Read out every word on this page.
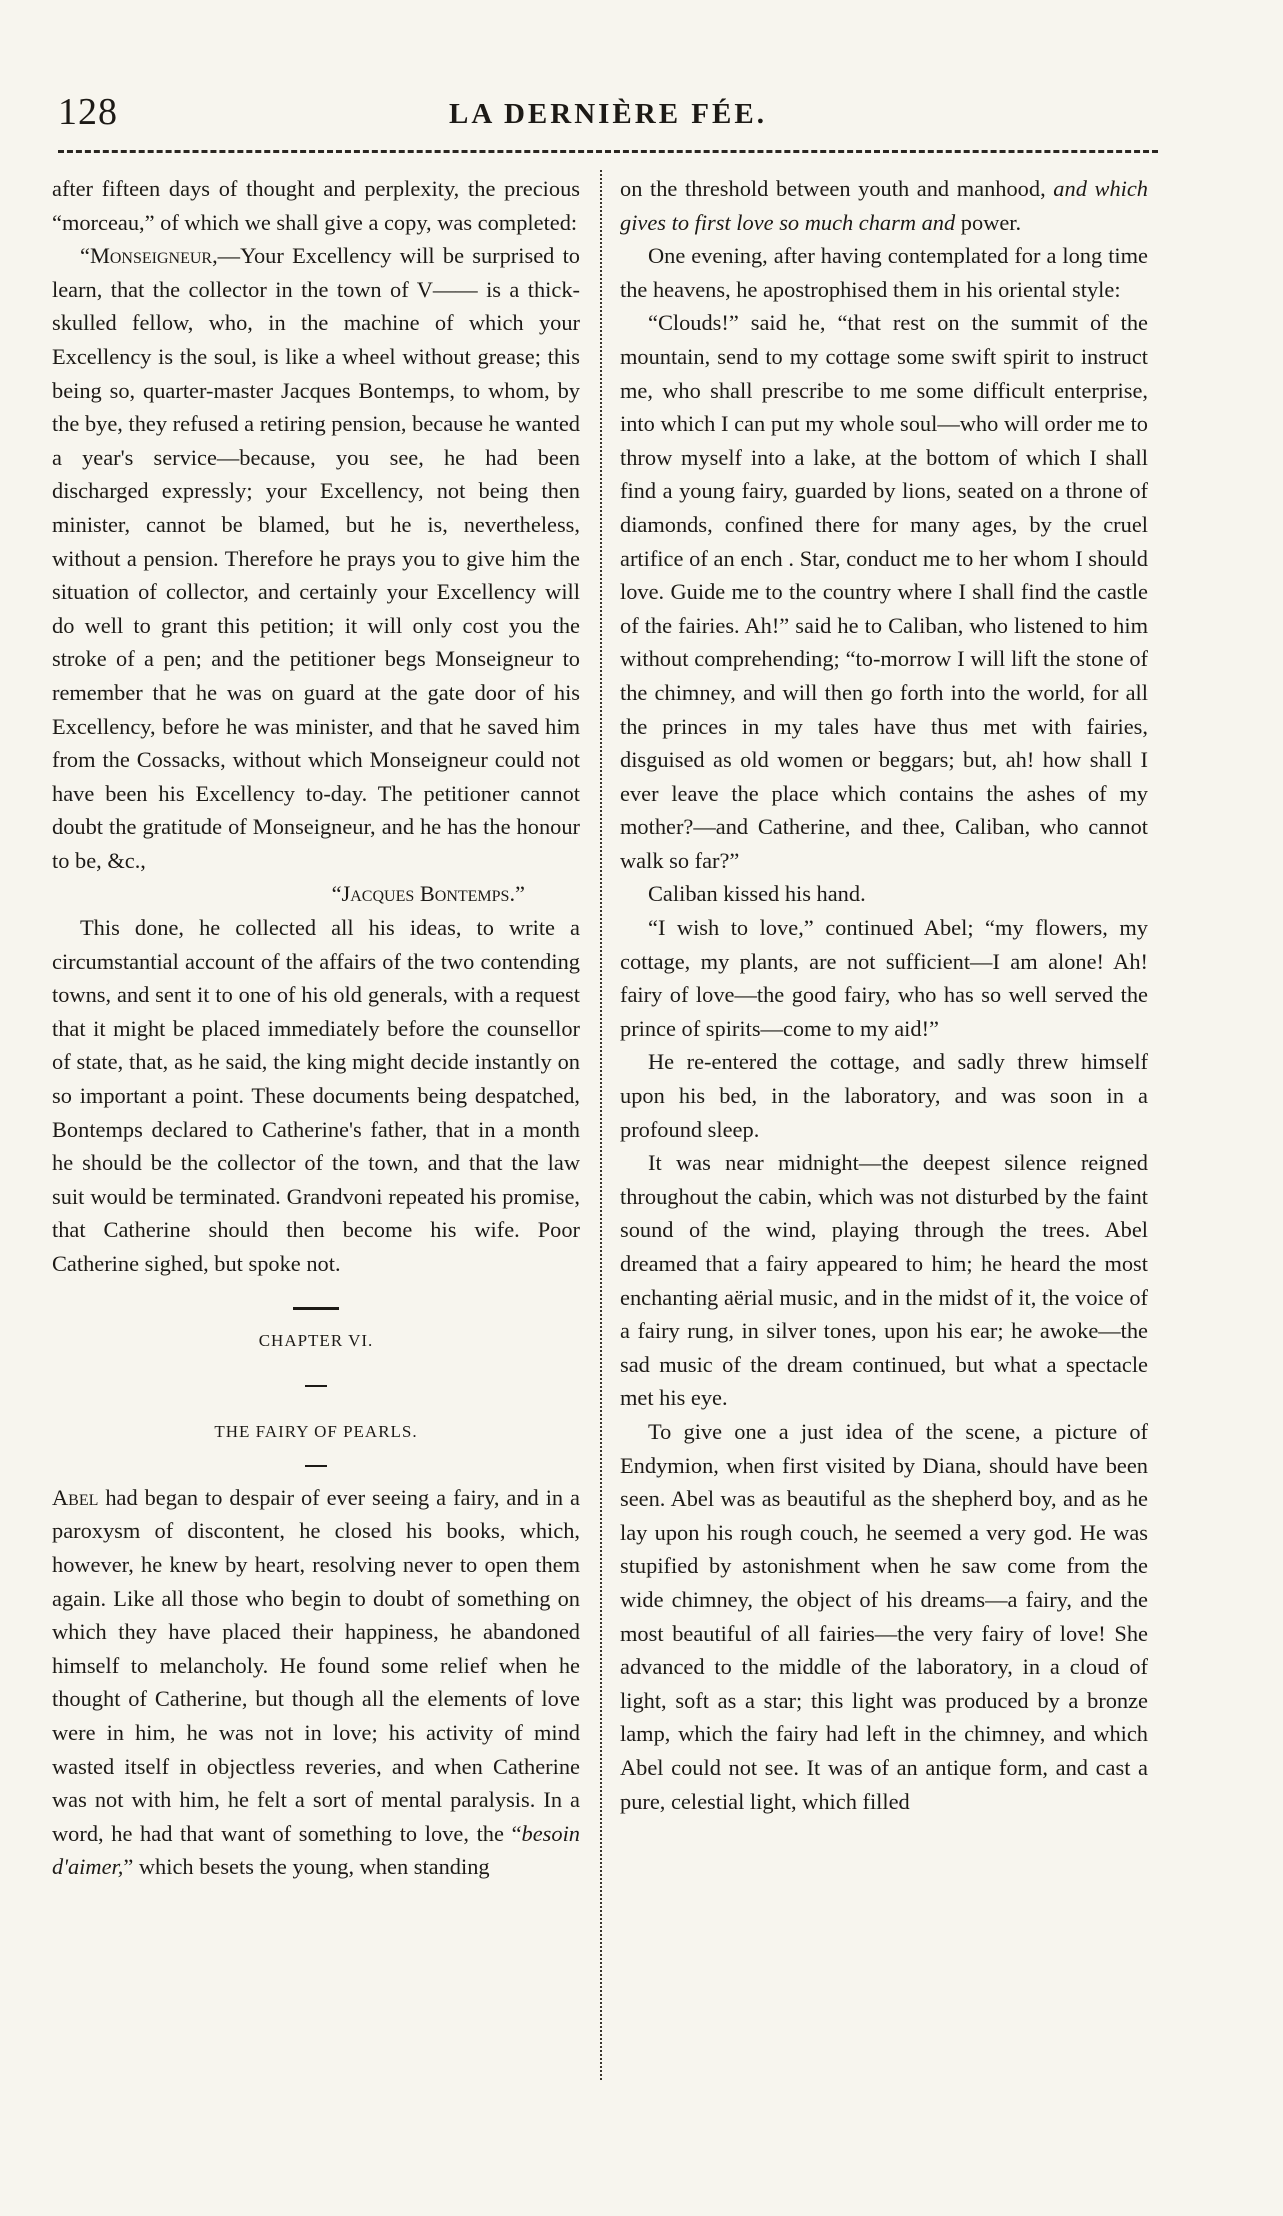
128	LA DERNIÈRE FÉE.

after fifteen days of thought and perplexity, the precious “morceau,” of which we shall give a copy, was completed:

“Monseigneur,—Your Excellency will be surprised to learn, that the collector in the town of V—— is a thick-skulled fellow, who, in the machine of which your Excellency is the soul, is like a wheel without grease; this being so, quarter-master Jacques Bontemps, to whom, by the bye, they refused a retiring pension, because he wanted a year's service—because, you see, he had been discharged expressly; your Excellency, not being then minister, cannot be blamed, but he is, nevertheless, without a pension. Therefore he prays you to give him the situation of collector, and certainly your Excellency will do well to grant this petition; it will only cost you the stroke of a pen; and the petitioner begs Monseigneur to remember that he was on guard at the gate door of his Excellency, before he was minister, and that he saved him from the Cossacks, without which Monseigneur could not have been his Excellency to-day. The petitioner cannot doubt the gratitude of Monseigneur, and he has the honour to be, &c.,

“Jacques Bontemps.”

This done, he collected all his ideas, to write a circumstantial account of the affairs of the two contending towns, and sent it to one of his old generals, with a request that it might be placed immediately before the counsellor of state, that, as he said, the king might decide instantly on so important a point. These documents being despatched, Bontemps declared to Catherine's father, that in a month he should be the collector of the town, and that the law suit would be terminated. Grandvoni repeated his promise, that Catherine should then become his wife. Poor Catherine sighed, but spoke not.

CHAPTER VI.
THE FAIRY OF PEARLS.

Abel had began to despair of ever seeing a fairy, and in a paroxysm of discontent, he closed his books, which, however, he knew by heart, resolving never to open them again. Like all those who begin to doubt of something on which they have placed their happiness, he abandoned himself to melancholy. He found some relief when he thought of Catherine, but though all the elements of love were in him, he was not in love; his activity of mind wasted itself in objectless reveries, and when Catherine was not with him, he felt a sort of mental paralysis. In a word, he had that want of something to love, the “besoin d'aimer,” which besets the young, when standing

on the threshold between youth and manhood, and which gives to first love so much charm and power.

One evening, after having contemplated for a long time the heavens, he apostrophised them in his oriental style:

“Clouds!” said he, “that rest on the summit of the mountain, send to my cottage some swift spirit to instruct me, who shall prescribe to me some difficult enterprise, into which I can put my whole soul—who will order me to throw myself into a lake, at the bottom of which I shall find a young fairy, guarded by lions, seated on a throne of diamonds, confined there for many ages, by the cruel artifice of an ench . Star, conduct me to her whom I should love. Guide me to the country where I shall find the castle of the fairies. Ah!” said he to Caliban, who listened to him without comprehending; “to-morrow I will lift the stone of the chimney, and will then go forth into the world, for all the princes in my tales have thus met with fairies, disguised as old women or beggars; but, ah! how shall I ever leave the place which contains the ashes of my mother?—and Catherine, and thee, Caliban, who cannot walk so far?”

Caliban kissed his hand.

“I wish to love,” continued Abel; “my flowers, my cottage, my plants, are not sufficient—I am alone! Ah! fairy of love—the good fairy, who has so well served the prince of spirits—come to my aid!”

He re-entered the cottage, and sadly threw himself upon his bed, in the laboratory, and was soon in a profound sleep.

It was near midnight—the deepest silence reigned throughout the cabin, which was not disturbed by the faint sound of the wind, playing through the trees. Abel dreamed that a fairy appeared to him; he heard the most enchanting aërial music, and in the midst of it, the voice of a fairy rung, in silver tones, upon his ear; he awoke—the sad music of the dream continued, but what a spectacle met his eye.

To give one a just idea of the scene, a picture of Endymion, when first visited by Diana, should have been seen. Abel was as beautiful as the shepherd boy, and as he lay upon his rough couch, he seemed a very god. He was stupified by astonishment when he saw come from the wide chimney, the object of his dreams—a fairy, and the most beautiful of all fairies—the very fairy of love! She advanced to the middle of the laboratory, in a cloud of light, soft as a star; this light was produced by a bronze lamp, which the fairy had left in the chimney, and which Abel could not see. It was of an antique form, and cast a pure, celestial light, which filled
